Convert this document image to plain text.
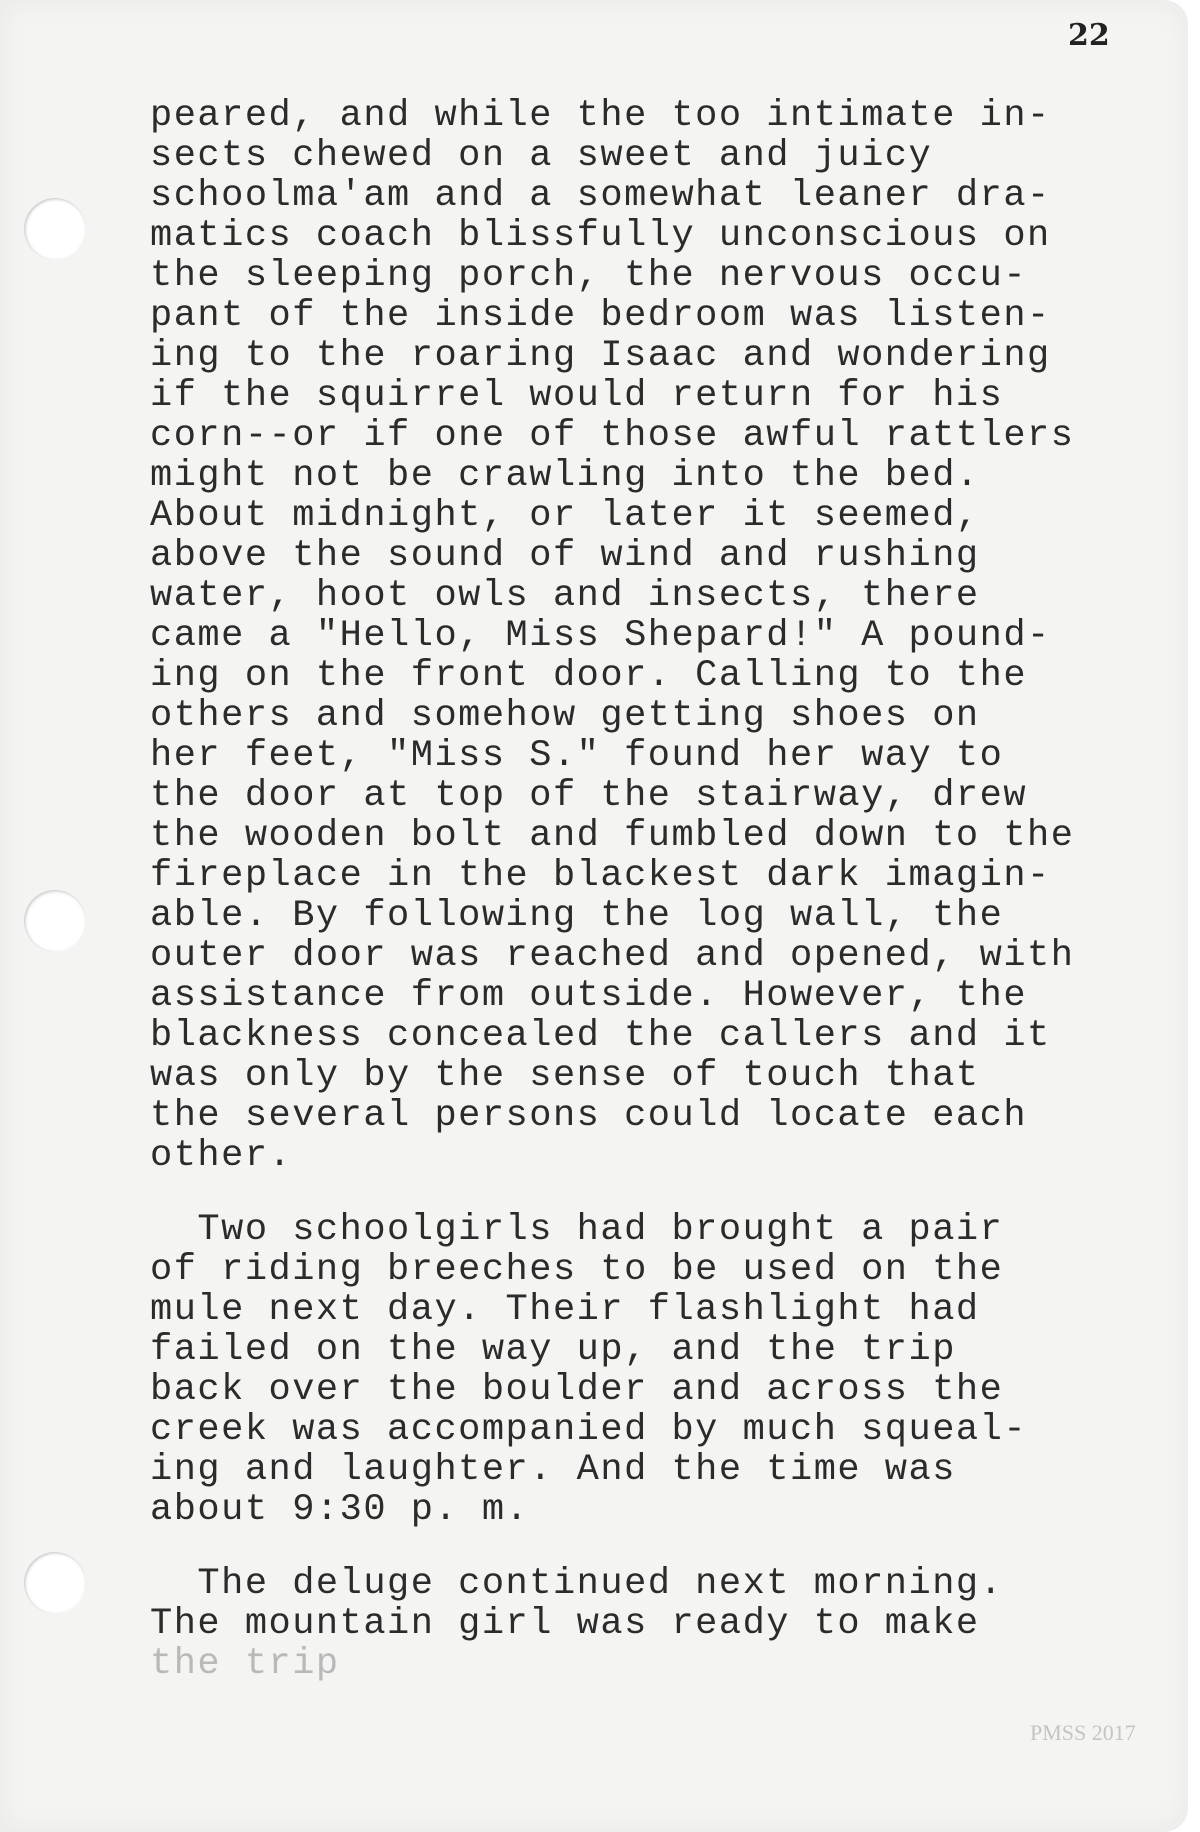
22
peared, and while the too intimate in-
sects chewed on a sweet and juicy
schoolma'am and a somewhat leaner dra-
matics coach blissfully unconscious on
the sleeping porch, the nervous occu-
pant of the inside bedroom was listen-
ing to the roaring Isaac and wondering
if the squirrel would return for his
corn--or if one of those awful rattlers
might not be crawling into the bed.
About midnight, or later it seemed,
above the sound of wind and rushing
water, hoot owls and insects, there
came a "Hello, Miss Shepard!" A pound-
ing on the front door. Calling to the
others and somehow getting shoes on
her feet, "Miss S." found her way to
the door at top of the stairway, drew
the wooden bolt and fumbled down to the
fireplace in the blackest dark imagin-
able. By following the log wall, the
outer door was reached and opened, with
assistance from outside. However, the
blackness concealed the callers and it
was only by the sense of touch that
the several persons could locate each
other.
Two schoolgirls had brought a pair
of riding breeches to be used on the
mule next day. Their flashlight had
failed on the way up, and the trip
back over the boulder and across the
creek was accompanied by much squeal-
ing and laughter. And the time was
about 9:30 p. m.
The deluge continued next morning.
The mountain girl was ready to make
the trip
PMSS 2017
